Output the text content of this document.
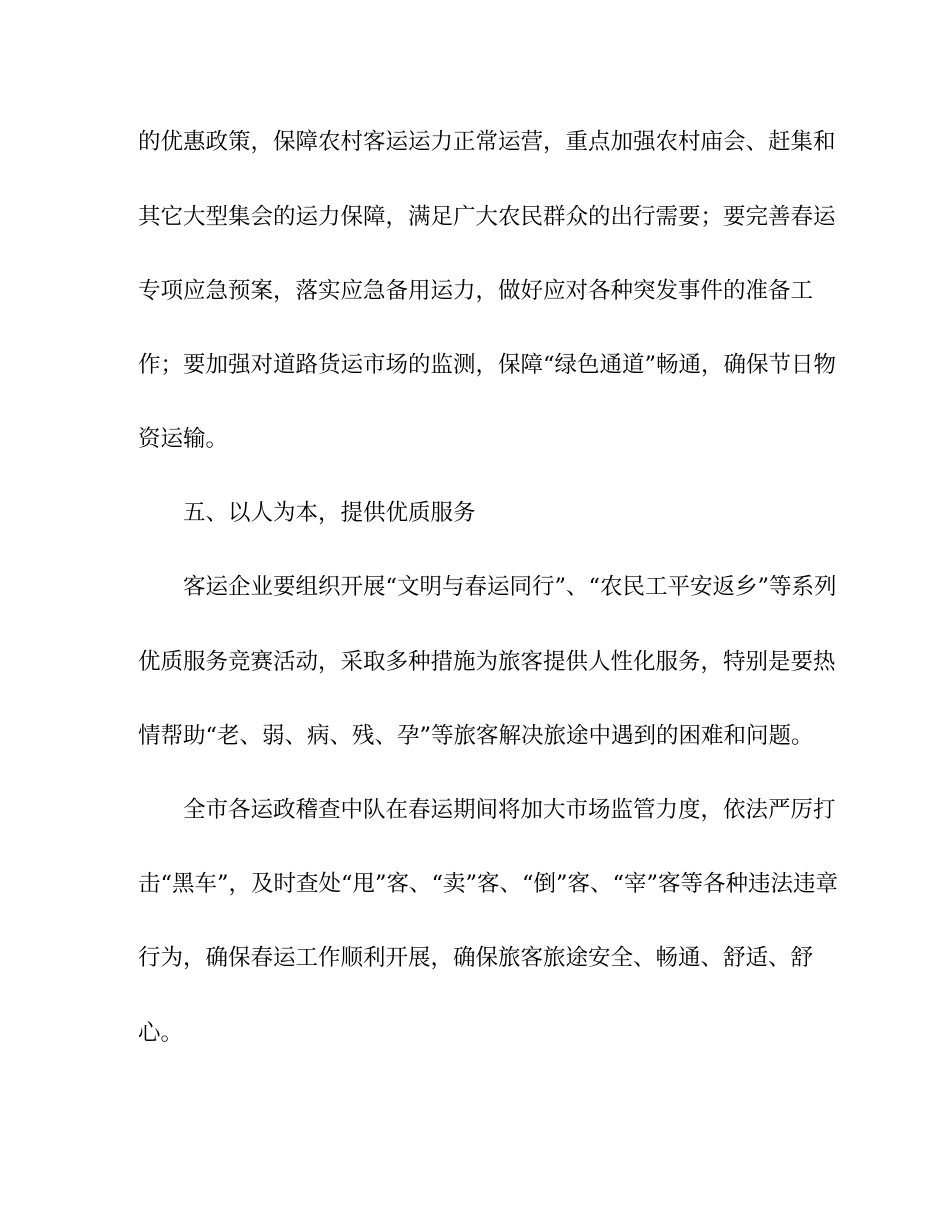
的优惠政策，保障农村客运运力正常运营，重点加强农村庙会、赶集和
其它大型集会的运力保障，满足广大农民群众的出行需要；要完善春运
专项应急预案，落实应急备用运力，做好应对各种突发事件的准备工
作；要加强对道路货运市场的监测，保障“绿色通道”畅通，确保节日物
资运输。
五、以人为本，提供优质服务
客运企业要组织开展“文明与春运同行”、“农民工平安返乡”等系列
优质服务竞赛活动，采取多种措施为旅客提供人性化服务，特别是要热
情帮助“老、弱、病、残、孕”等旅客解决旅途中遇到的困难和问题。
全市各运政稽查中队在春运期间将加大市场监管力度，依法严厉打
击“黑车”，及时查处“甩”客、“卖”客、“倒”客、“宰”客等各种违法违章
行为，确保春运工作顺利开展，确保旅客旅途安全、畅通、舒适、舒
心。
